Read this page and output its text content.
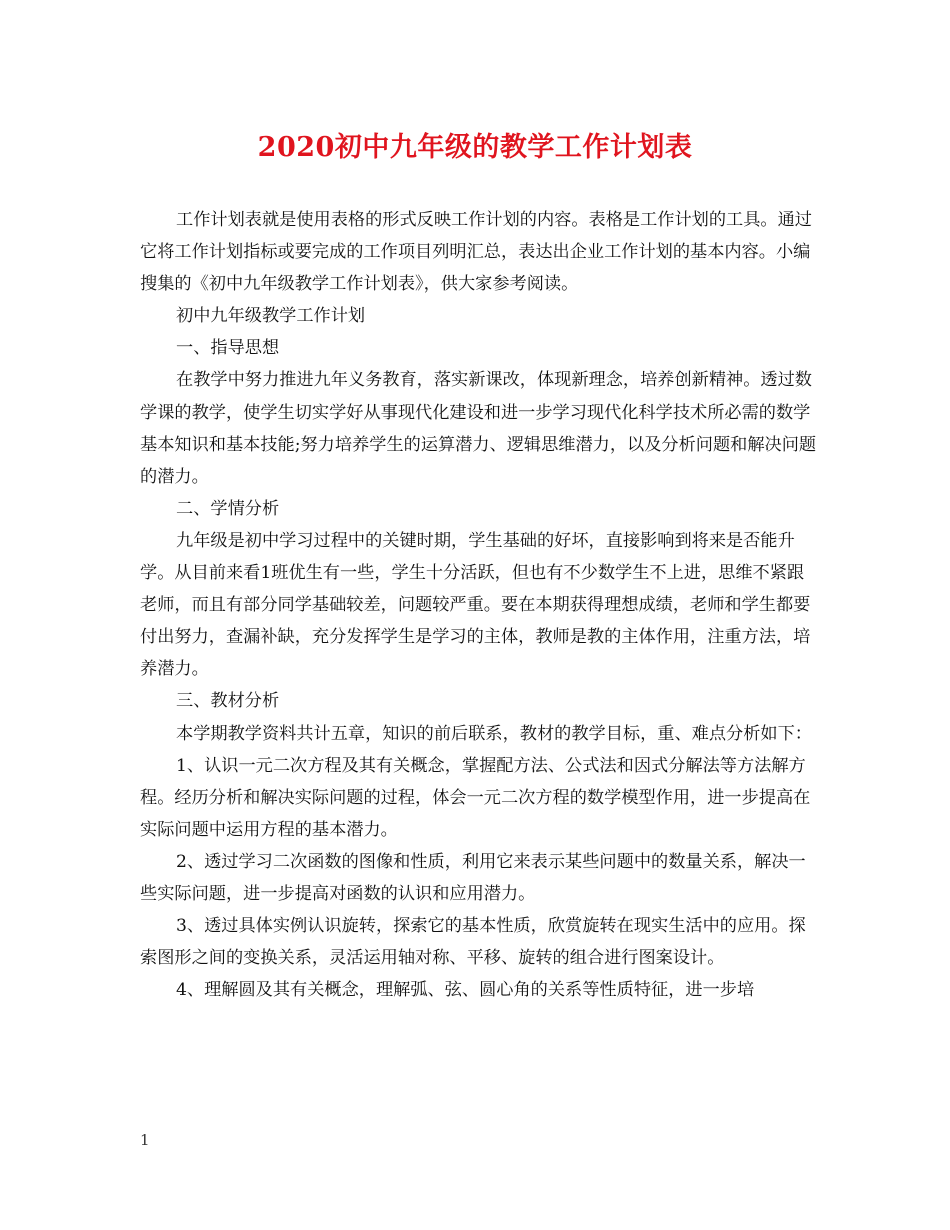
2020初中九年级的教学工作计划表

工作计划表就是使用表格的形式反映工作计划的内容。表格是工作计划的工具。通过它将工作计划指标或要完成的工作项目列明汇总，表达出企业工作计划的基本内容。小编搜集的《初中九年级教学工作计划表》，供大家参考阅读。

初中九年级教学工作计划

一、指导思想

在教学中努力推进九年义务教育，落实新课改，体现新理念，培养创新精神。透过数学课的教学，使学生切实学好从事现代化建设和进一步学习现代化科学技术所必需的数学基本知识和基本技能;努力培养学生的运算潜力、逻辑思维潜力，以及分析问题和解决问题的潜力。

二、学情分析

九年级是初中学习过程中的关键时期，学生基础的好坏，直接影响到将来是否能升学。从目前来看1班优生有一些，学生十分活跃，但也有不少数学生不上进，思维不紧跟老师，而且有部分同学基础较差，问题较严重。要在本期获得理想成绩，老师和学生都要付出努力，查漏补缺，充分发挥学生是学习的主体，教师是教的主体作用，注重方法，培养潜力。

三、教材分析

本学期教学资料共计五章，知识的前后联系，教材的教学目标，重、难点分析如下：

1、认识一元二次方程及其有关概念，掌握配方法、公式法和因式分解法等方法解方程。经历分析和解决实际问题的过程，体会一元二次方程的数学模型作用，进一步提高在实际问题中运用方程的基本潜力。

2、透过学习二次函数的图像和性质，利用它来表示某些问题中的数量关系，解决一些实际问题，进一步提高对函数的认识和应用潜力。

3、透过具体实例认识旋转，探索它的基本性质，欣赏旋转在现实生活中的应用。探索图形之间的变换关系，灵活运用轴对称、平移、旋转的组合进行图案设计。

4、理解圆及其有关概念，理解弧、弦、圆心角的关系等性质特征，进一步培

1
